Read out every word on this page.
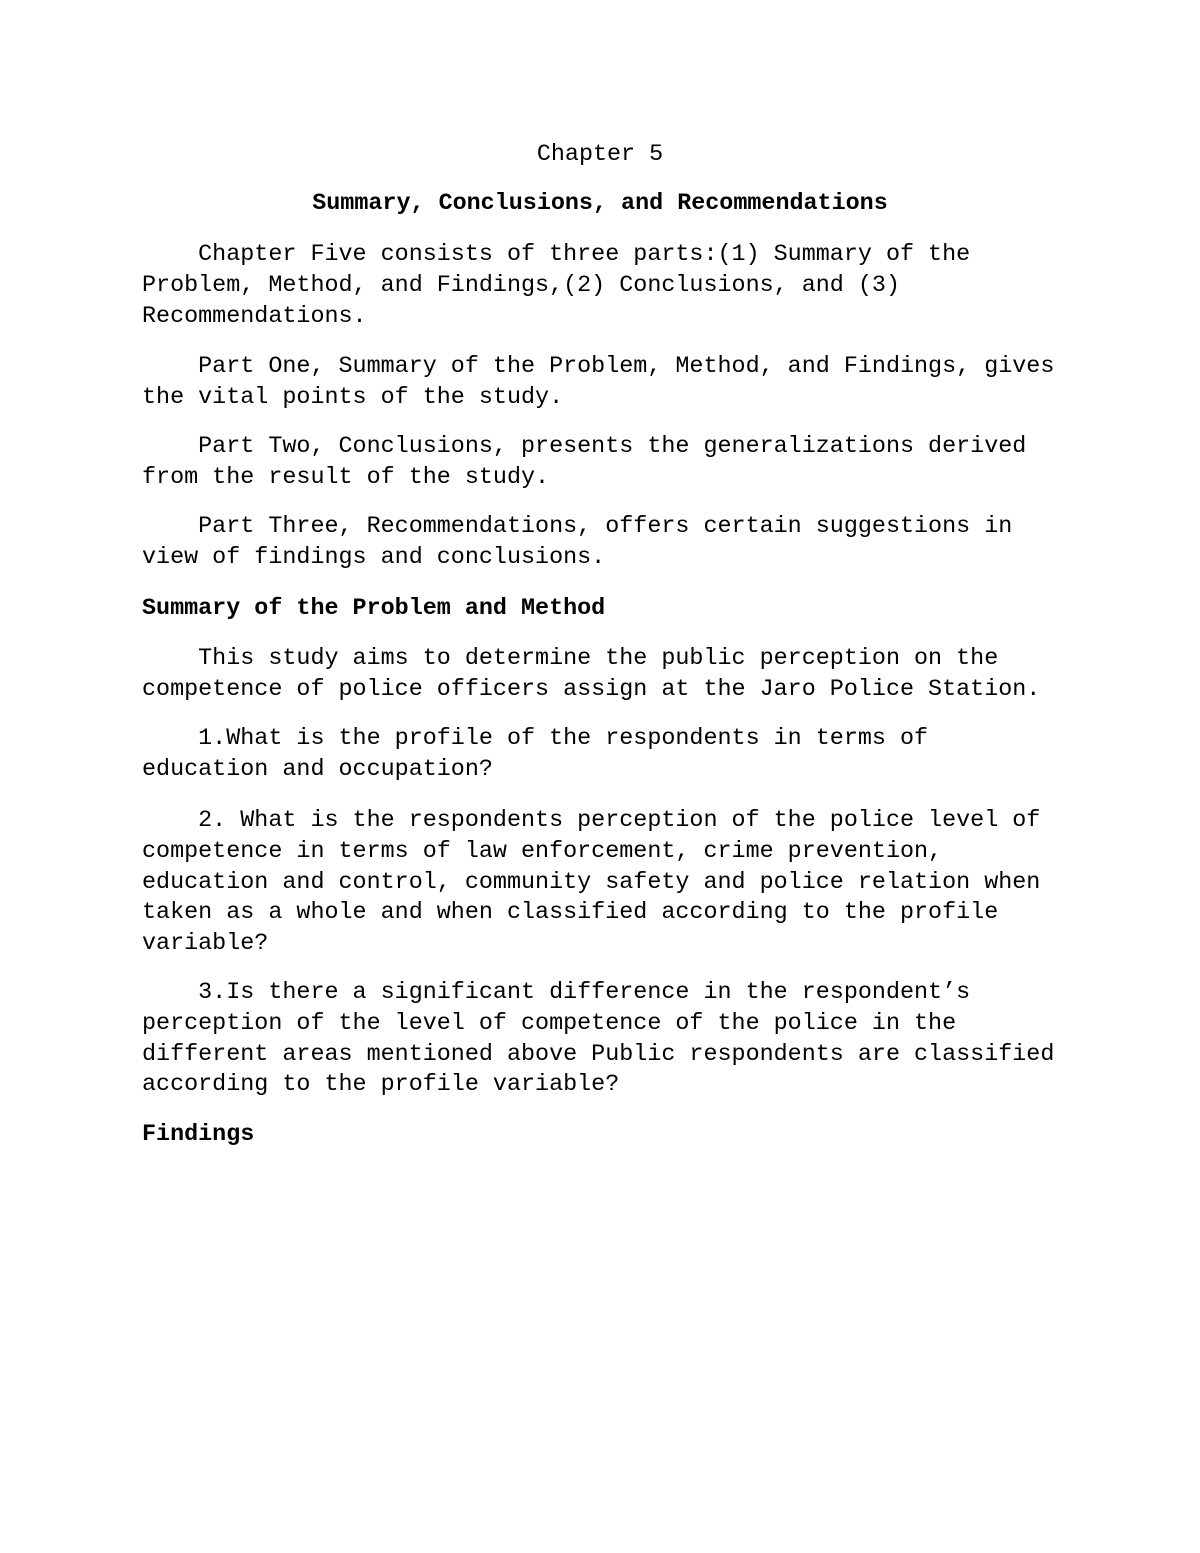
Chapter 5

Summary, Conclusions, and Recommendations

Chapter Five consists of three parts:(1) Summary of the
Problem, Method, and Findings,(2) Conclusions, and (3)
Recommendations.
Part One, Summary of the Problem, Method, and Findings, gives
the vital points of the study.
Part Two, Conclusions, presents the generalizations derived
from the result of the study.
Part Three, Recommendations, offers certain suggestions in
view of findings and conclusions.

Summary of the Problem and Method

This study aims to determine the public perception on the
competence of police officers assign at the Jaro Police Station.
1.What is the profile of the respondents in terms of
education and occupation?
2. What is the respondents perception of the police level of
competence in terms of law enforcement, crime prevention,
education and control, community safety and police relation when
taken as a whole and when classified according to the profile
variable?
3.Is there a significant difference in the respondent’s
perception of the level of competence of the police in the
different areas mentioned above Public respondents are classified
according to the profile variable?

Findings
